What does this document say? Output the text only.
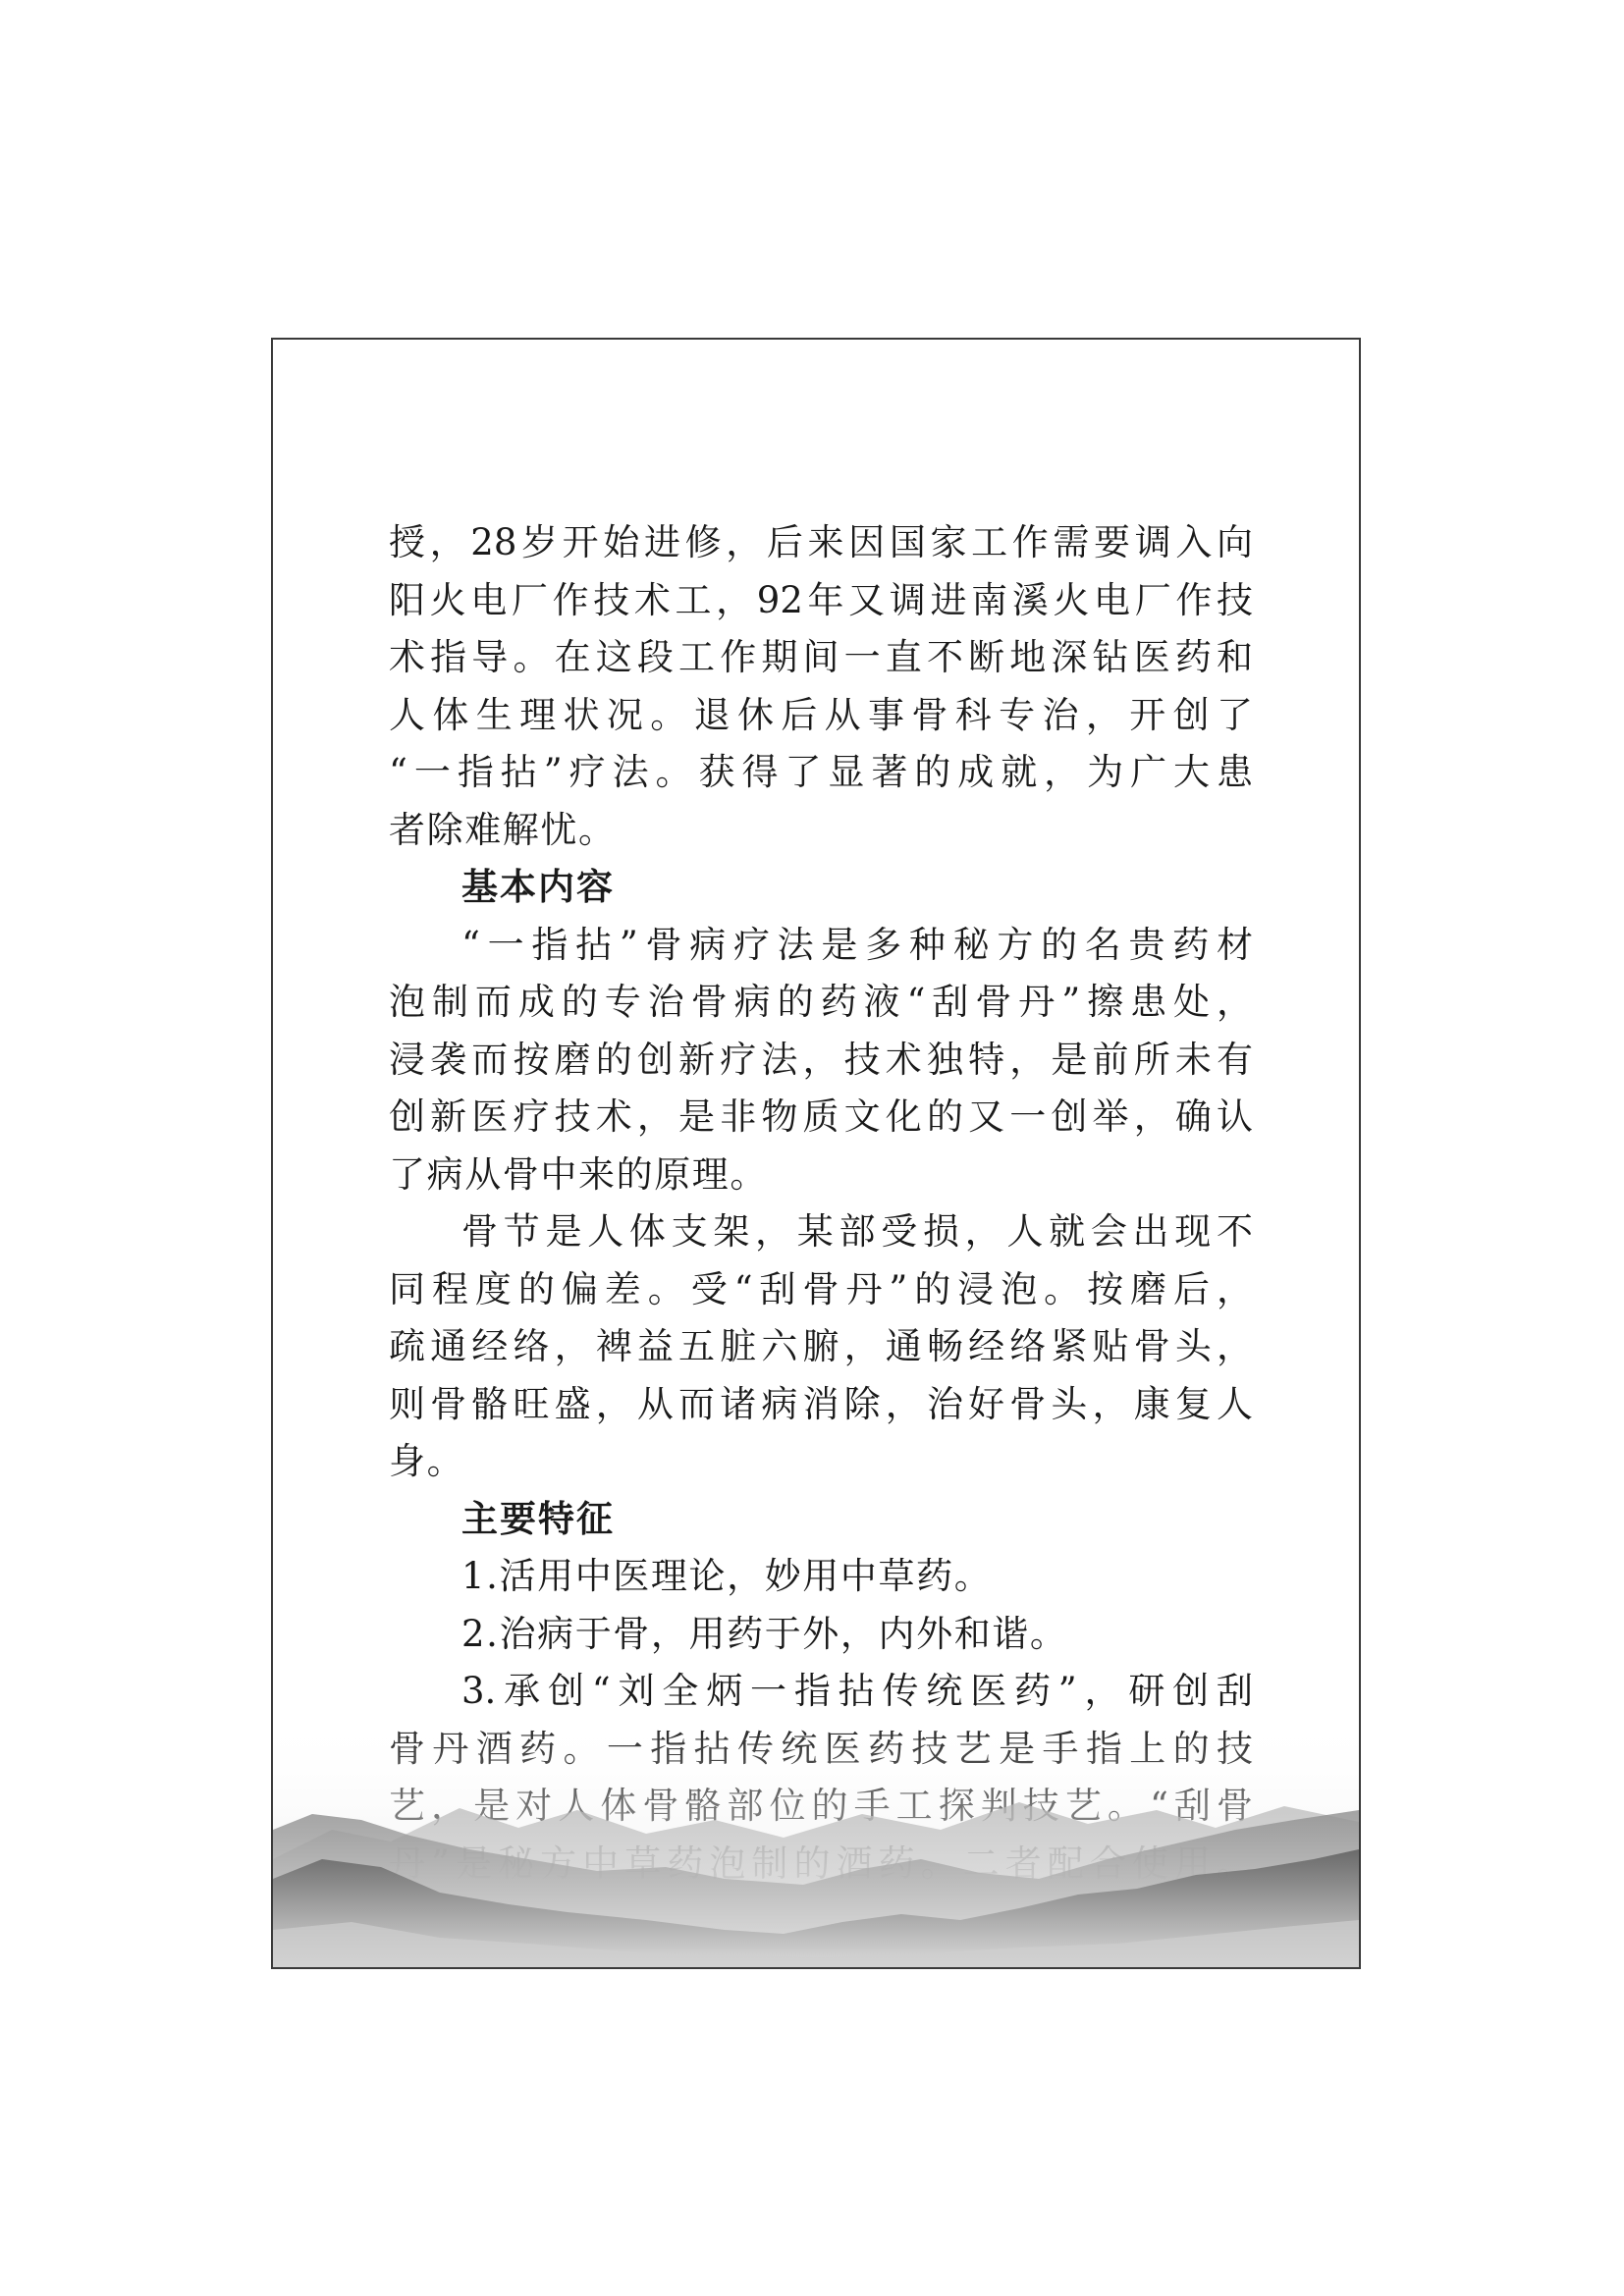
授，28岁开始进修，后来因国家工作需要调入向
阳火电厂作技术工，92年又调进南溪火电厂作技
术指导。在这段工作期间一直不断地深钻医药和
人体生理状况。退休后从事骨科专治，开创了
“一指拈”疗法。获得了显著的成就，为广大患
者除难解忧。
基本内容
“一指拈”骨病疗法是多种秘方的名贵药材
泡制而成的专治骨病的药液“刮骨丹”擦患处，
浸袭而按磨的创新疗法，技术独特，是前所未有
创新医疗技术，是非物质文化的又一创举，确认
了病从骨中来的原理。
骨节是人体支架，某部受损，人就会出现不
同程度的偏差。受“刮骨丹”的浸泡。按磨后，
疏通经络，裨益五脏六腑，通畅经络紧贴骨头，
则骨骼旺盛，从而诸病消除，治好骨头，康复人
身。
主要特征
1.活用中医理论，妙用中草药。
2.治病于骨，用药于外，内外和谐。
3.承创“刘全炳一指拈传统医药”，研创刮
